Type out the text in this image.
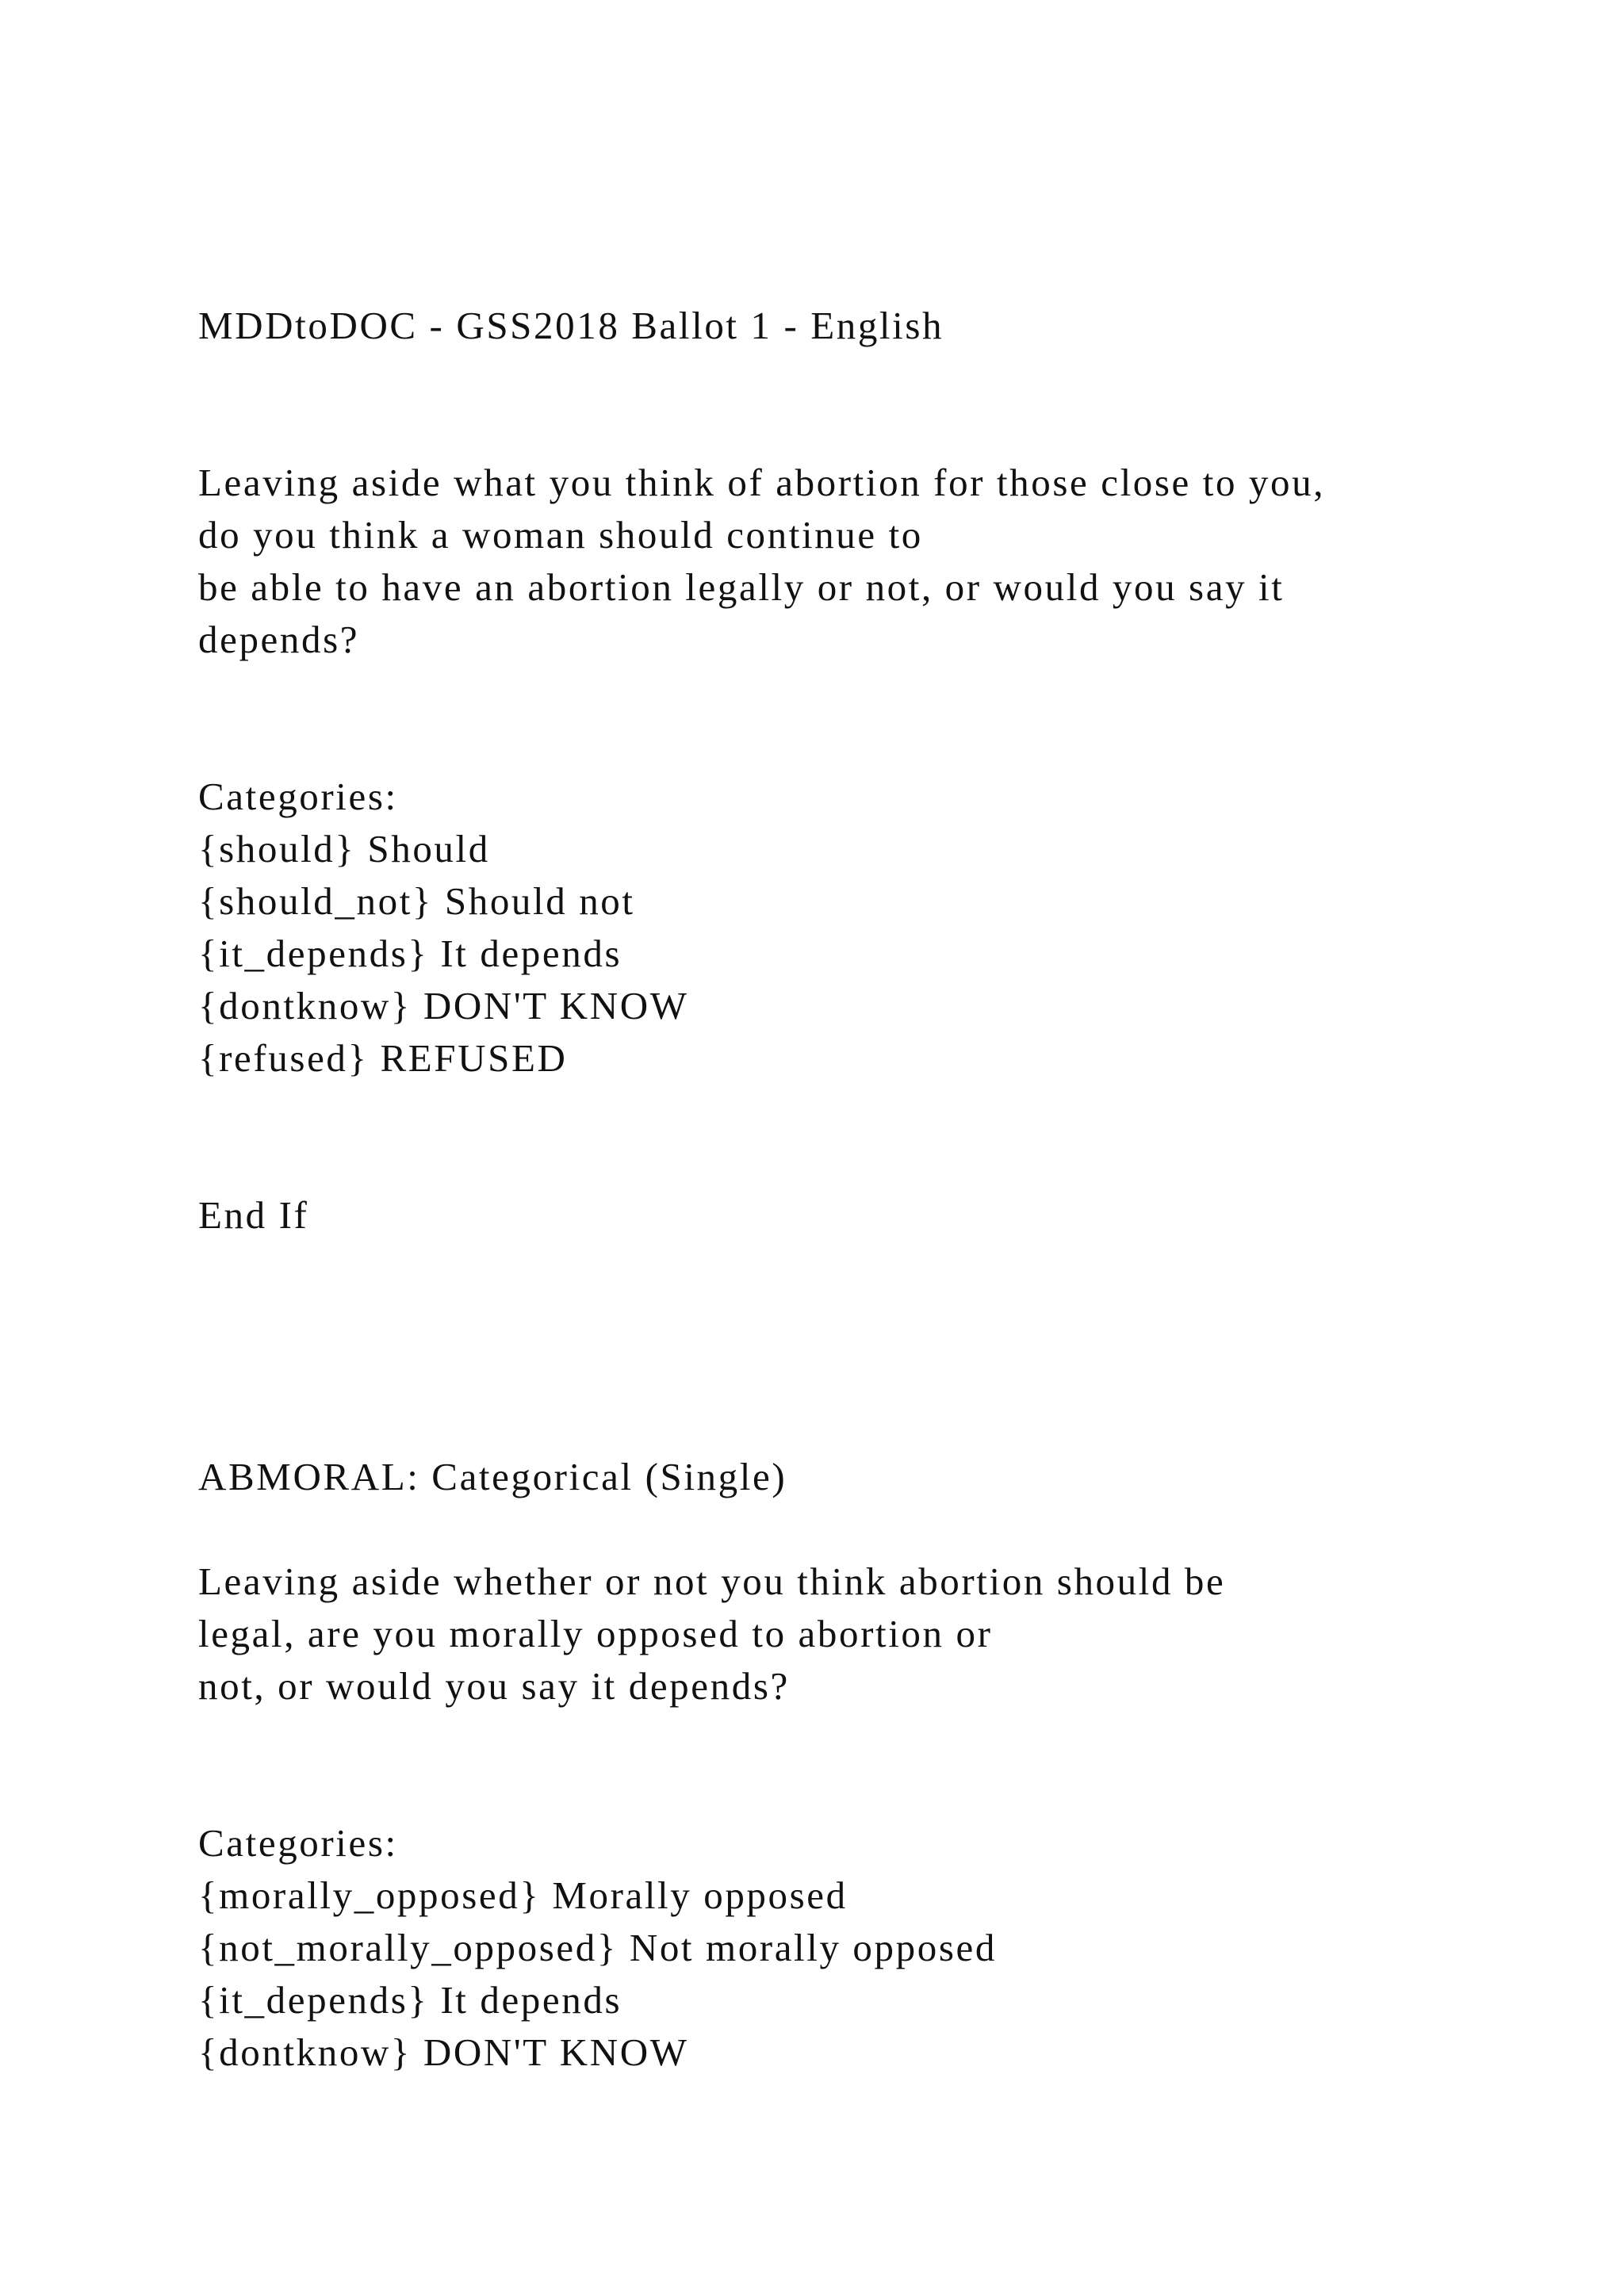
MDDtoDOC - GSS2018 Ballot 1 - English

Leaving aside what you think of abortion for those close to you,

do you think a woman should continue to

be able to have an abortion legally or not, or would you say it

depends?

Categories:

{should} Should

{should_not} Should not

{it_depends} It depends

{dontknow} DON'T KNOW

{refused} REFUSED

End If

ABMORAL: Categorical (Single)

Leaving aside whether or not you think abortion should be

legal, are you morally opposed to abortion or

not, or would you say it depends?

Categories:

{morally_opposed} Morally opposed

{not_morally_opposed} Not morally opposed

{it_depends} It depends

{dontknow} DON'T KNOW
